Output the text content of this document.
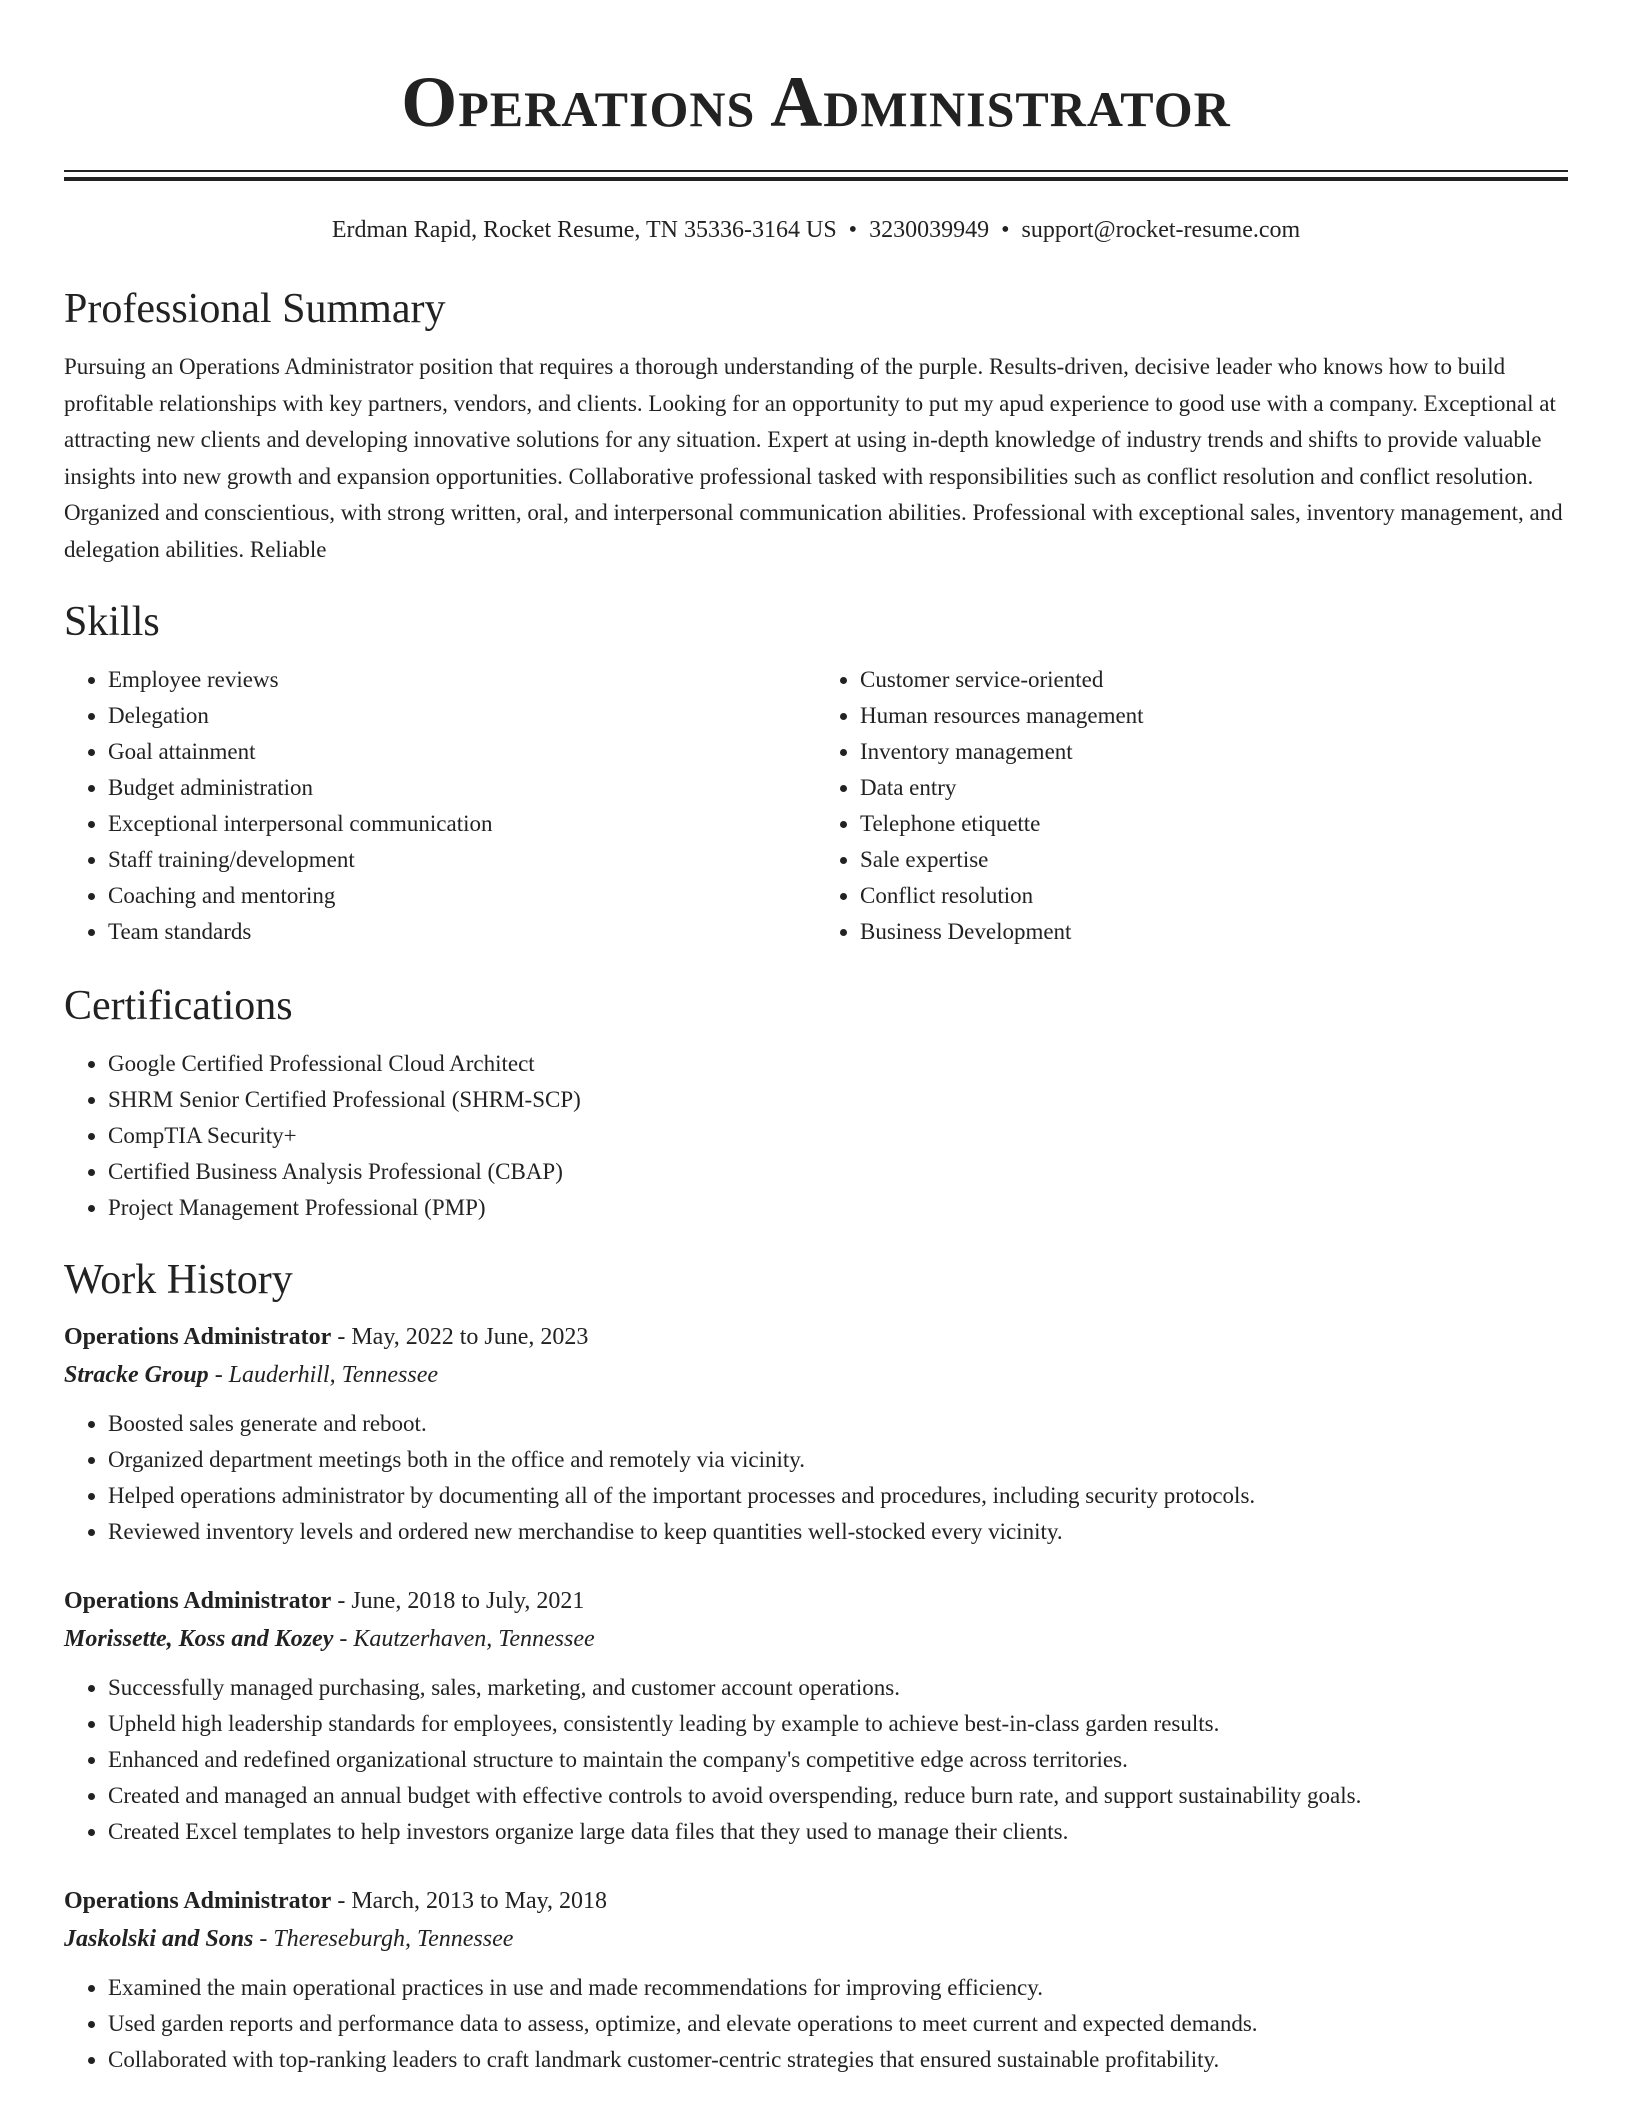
Operations Administrator
Erdman Rapid, Rocket Resume, TN 35336-3164 US • 3230039949 • support@rocket-resume.com
Professional Summary

Pursuing an Operations Administrator position that requires a thorough understanding of the purple. Results-driven, decisive leader who knows how to build profitable relationships with key partners, vendors, and clients. Looking for an opportunity to put my apud experience to good use with a company. Exceptional at attracting new clients and developing innovative solutions for any situation. Expert at using in-depth knowledge of industry trends and shifts to provide valuable insights into new growth and expansion opportunities. Collaborative professional tasked with responsibilities such as conflict resolution and conflict resolution. Organized and conscientious, with strong written, oral, and interpersonal communication abilities. Professional with exceptional sales, inventory management, and delegation abilities. Reliable

Skills
• Employee reviews
• Delegation
• Goal attainment
• Budget administration
• Exceptional interpersonal communication
• Staff training/development
• Coaching and mentoring
• Team standards
• Customer service-oriented
• Human resources management
• Inventory management
• Data entry
• Telephone etiquette
• Sale expertise
• Conflict resolution
• Business Development
Certifications
• Google Certified Professional Cloud Architect
• SHRM Senior Certified Professional (SHRM-SCP)
• CompTIA Security+
• Certified Business Analysis Professional (CBAP)
• Project Management Professional (PMP)
Work History
Operations Administrator - May, 2022 to June, 2023
Stracke Group - Lauderhill, Tennessee
• Boosted sales generate and reboot.
• Organized department meetings both in the office and remotely via vicinity.
• Helped operations administrator by documenting all of the important processes and procedures, including security protocols.
• Reviewed inventory levels and ordered new merchandise to keep quantities well-stocked every vicinity.
Operations Administrator - June, 2018 to July, 2021
Morissette, Koss and Kozey - Kautzerhaven, Tennessee
• Successfully managed purchasing, sales, marketing, and customer account operations.
• Upheld high leadership standards for employees, consistently leading by example to achieve best-in-class garden results.
• Enhanced and redefined organizational structure to maintain the company's competitive edge across territories.
• Created and managed an annual budget with effective controls to avoid overspending, reduce burn rate, and support sustainability goals.
• Created Excel templates to help investors organize large data files that they used to manage their clients.
Operations Administrator - March, 2013 to May, 2018
Jaskolski and Sons - Thereseburgh, Tennessee
• Examined the main operational practices in use and made recommendations for improving efficiency.
• Used garden reports and performance data to assess, optimize, and elevate operations to meet current and expected demands.
• Collaborated with top-ranking leaders to craft landmark customer-centric strategies that ensured sustainable profitability.
